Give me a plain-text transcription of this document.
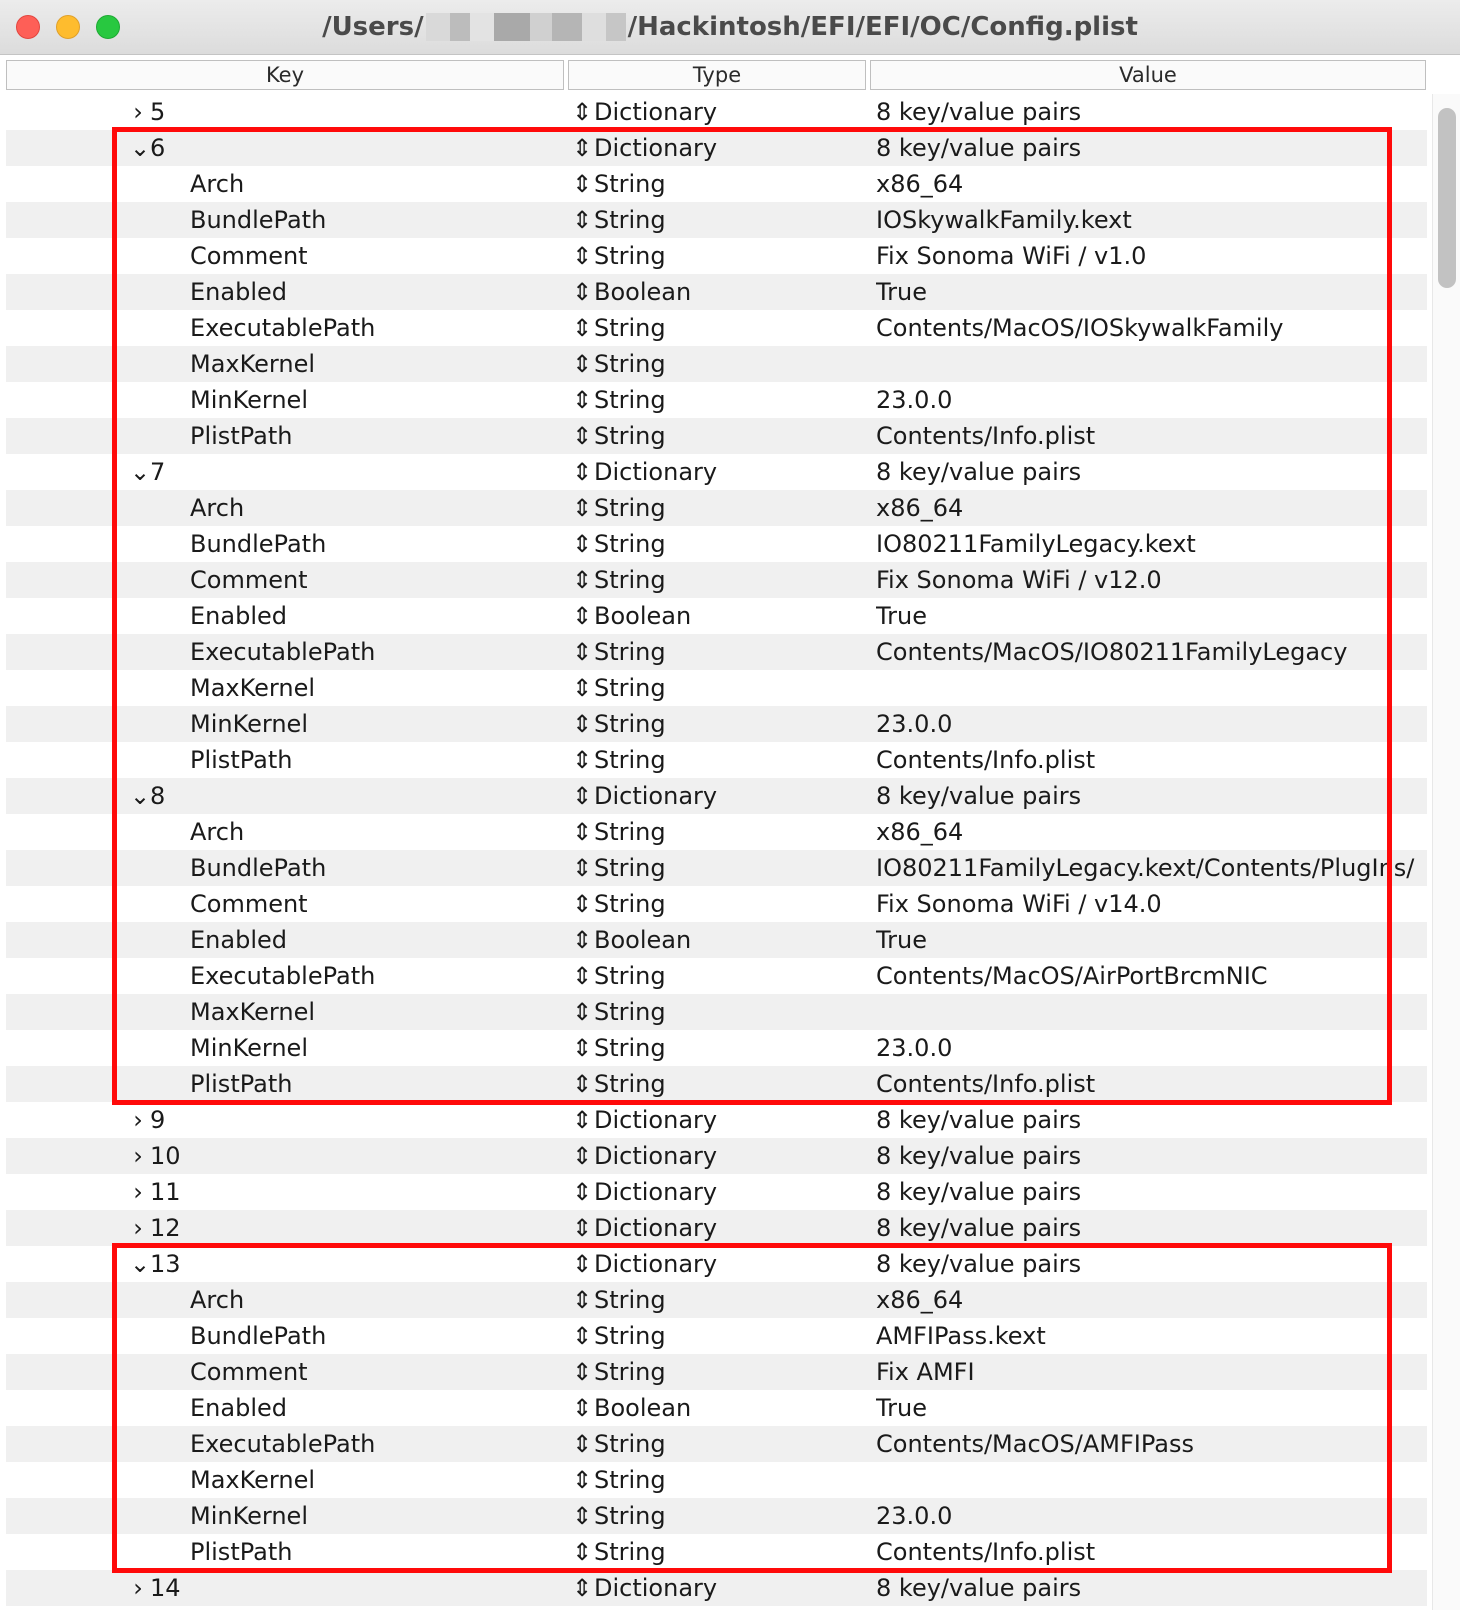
/Users/	/Hackintosh/EFI/EFI/OC/Config.plist
Key	Type	Value
› 5	⇕ Dictionary	8 key/value pairs
⌄ 6	⇕ Dictionary	8 key/value pairs
Arch	⇕ String	x86_64
BundlePath	⇕ String	IOSkywalkFamily.kext
Comment	⇕ String	Fix Sonoma WiFi / v1.0
Enabled	⇕ Boolean	True
ExecutablePath	⇕ String	Contents/MacOS/IOSkywalkFamily
MaxKernel	⇕ String
MinKernel	⇕ String	23.0.0
PlistPath	⇕ String	Contents/Info.plist
⌄ 7	⇕ Dictionary	8 key/value pairs
Arch	⇕ String	x86_64
BundlePath	⇕ String	IO80211FamilyLegacy.kext
Comment	⇕ String	Fix Sonoma WiFi / v12.0
Enabled	⇕ Boolean	True
ExecutablePath	⇕ String	Contents/MacOS/IO80211FamilyLegacy
MaxKernel	⇕ String
MinKernel	⇕ String	23.0.0
PlistPath	⇕ String	Contents/Info.plist
⌄ 8	⇕ Dictionary	8 key/value pairs
Arch	⇕ String	x86_64
BundlePath	⇕ String	IO80211FamilyLegacy.kext/Contents/PlugIns/
Comment	⇕ String	Fix Sonoma WiFi / v14.0
Enabled	⇕ Boolean	True
ExecutablePath	⇕ String	Contents/MacOS/AirPortBrcmNIC
MaxKernel	⇕ String
MinKernel	⇕ String	23.0.0
PlistPath	⇕ String	Contents/Info.plist
› 9	⇕ Dictionary	8 key/value pairs
› 10	⇕ Dictionary	8 key/value pairs
› 11	⇕ Dictionary	8 key/value pairs
› 12	⇕ Dictionary	8 key/value pairs
⌄ 13	⇕ Dictionary	8 key/value pairs
Arch	⇕ String	x86_64
BundlePath	⇕ String	AMFIPass.kext
Comment	⇕ String	Fix AMFI
Enabled	⇕ Boolean	True
ExecutablePath	⇕ String	Contents/MacOS/AMFIPass
MaxKernel	⇕ String
MinKernel	⇕ String	23.0.0
PlistPath	⇕ String	Contents/Info.plist
› 14	⇕ Dictionary	8 key/value pairs
